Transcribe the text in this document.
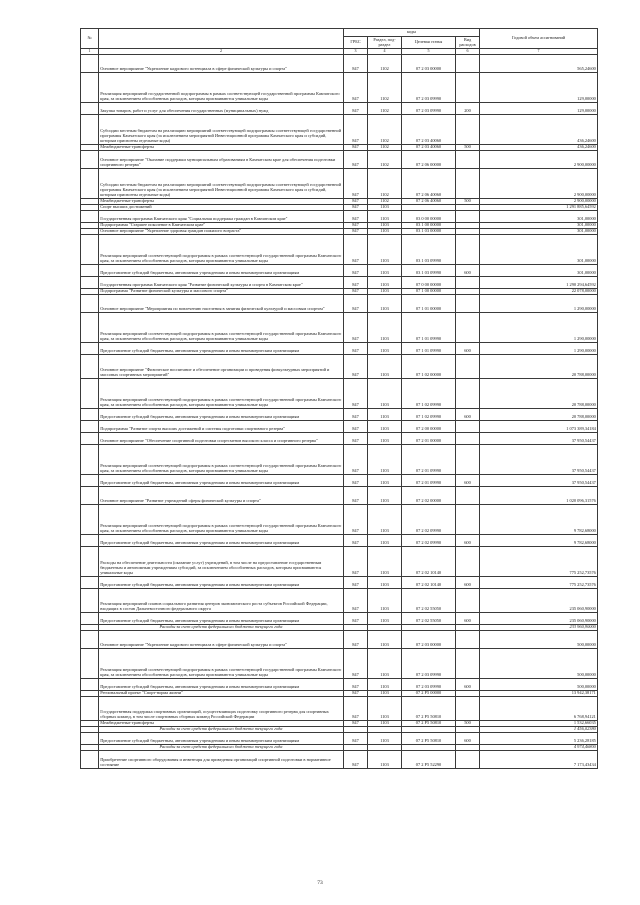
№		коды				Годовой объем ассигнований
		ГРБС	Раздел, под-раздел	Целевая статья	Вид расходов	
1	2	3	4	5	6	7
	Основное мероприятие "Укрепление кадрового потенциала в сфере физической культуры и спорта"	847	1102	07 2 03 00000		565,24600
	Реализация мероприятий государственной подпрограммы в рамках соответствующей государственной программы Камчатского края, за исключением обособленных расходов, которым присваиваются уникальные коды	847	1102	07 2 03 09990		129,00000
	Закупка товаров, работ и услуг для обеспечения государственных (муниципальных) нужд	847	1102	07 2 03 09990	200	129,00000
	Субсидии местным бюджетам на реализацию мероприятий соответствующей подпрограммы соответствующей государственной программы Камчатского края (за исключением мероприятий Инвестиционной программы Камчатского края и субсидий, которым присвоены отдельные коды)	847	1102	07 2 03 40060		436,24600
	Межбюджетные трансферты	847	1102	07 2 03 40060	500	436,24600
	Основное мероприятие "Оказание поддержки муниципальным образованиям в Камчатском крае для обеспечения подготовки спортивного резерва"	847	1102	07 2 06 00000		2 900,00000
	Субсидии местным бюджетам на реализацию мероприятий соответствующей подпрограммы соответствующей государственной программы Камчатского края (за исключением мероприятий Инвестиционной программы Камчатского края и субсидий, которым присвоены отдельные коды)	847	1102	07 2 06 40060		2 900,00000
	Межбюджетные трансферты	847	1102	07 2 06 40060	500	2 900,00000
	Спорт высших достижений	847	1103			1 291 885,64592
	Государственная программа Камчатского края "Социальная поддержка граждан в Камчатском крае"	847	1103	03 0 00 00000		301,00000
	Подпрограмма "Старшее поколение в Камчатском крае"	847	1103	03 1 00 00000		301,00000
	Основное мероприятие "Укрепление здоровья граждан пожилого возраста"	847	1103	03 1 03 00000		301,00000
	Реализация мероприятий соответствующей подпрограммы в рамках соответствующей государственной программы Камчатского края, за исключением обособленных расходов, которым присваиваются уникальные коды	847	1103	03 1 03 09990		301,00000
	Предоставление субсидий бюджетным, автономным учреждениям и иным некоммерческим организациям	847	1103	03 1 03 09990	600	301,00000
	Государственная программа Камчатского края "Развитие физической культуры и спорта в Камчатском крае"	847	1103	07 0 00 00000		1 290 294,64592
	Подпрограмма "Развитие физической культуры и массового спорта"	847	1103	07 1 00 00000		22 078,00000
	Основное мероприятие "Мероприятия по вовлечению населения в занятия физической культурой и массовым спортом"	847	1103	07 1 01 00000		1 290,00000
	Реализация мероприятий соответствующей подпрограммы в рамках соответствующей государственной программы Камчатского края, за исключением обособленных расходов, которым присваиваются уникальные коды	847	1103	07 1 01 09990		1 290,00000
	Предоставление субсидий бюджетным, автономным учреждениям и иным некоммерческим организациям	847	1103	07 1 01 09990	600	1 290,00000
	Основное мероприятие "Физическое воспитание и обеспечение организации и проведения физкультурных мероприятий и массовых спортивных мероприятий"	847	1103	07 1 02 00000		20 788,00000
	Реализация мероприятий соответствующей подпрограммы в рамках соответствующей государственной программы Камчатского края, за исключением обособленных расходов, которым присваиваются уникальные коды	847	1103	07 1 02 09990		20 788,00000
	Предоставление субсидий бюджетным, автономным учреждениям и иным некоммерческим организациям	847	1103	07 1 02 09990	600	20 788,00000
	Подпрограмма "Развитие спорта высших достижений и системы подготовки спортивного резерва"	847	1103	07 2 00 00000		1 073 389,34184
	Основное мероприятие "Обеспечение спортивной подготовки спортсменов высокого класса и спортивного резерва"	847	1103	07 2 01 00000		37 950,54437
	Реализация мероприятий соответствующей подпрограммы в рамках соответствующей государственной программы Камчатского края, за исключением обособленных расходов, которым присваиваются уникальные коды	847	1103	07 2 01 09990		37 950,54437
	Предоставление субсидий бюджетным, автономным учреждениям и иным некоммерческим организациям	847	1103	07 2 01 09990	600	37 950,54437
	Основное мероприятие "Развитие учреждений сферы физической культуры и спорта"	847	1103	07 2 02 00000		1 020 096,31576
	Реализация мероприятий соответствующей подпрограммы в рамках соответствующей государственной программы Камчатского края, за исключением обособленных расходов, которым присваиваются уникальные коды	847	1103	07 2 02 09990		9 782,68000
	Предоставление субсидий бюджетным, автономным учреждениям и иным некоммерческим организациям	847	1103	07 2 02 09990	600	9 782,68000
	Расходы на обеспечение деятельности (оказание услуг) учреждений, в том числе на предоставление государственным бюджетным и автономным учреждениям субсидий, за исключением обособленных расходов, которым присваиваются уникальные коды	847	1103	07 2 02 10140		775 252,73576
	Предоставление субсидий бюджетным, автономным учреждениям и иным некоммерческим организациям	847	1103	07 2 02 10140	600	775 252,73576
	Реализация мероприятий планов социального развития центров экономического роста субъектов Российской Федерации, входящих в состав Дальневосточного федерального округа	847	1103	07 2 02 55050		235 060,90000
	Предоставление субсидий бюджетным, автономным учреждениям и иным некоммерческим организациям	847	1103	07 2 02 55050	600	235 060,90000
	Расходы за счет средств федерального бюджета текущего года					233 960,90000
	Основное мероприятие "Укрепление кадрового потенциала в сфере физической культуры и спорта"	847	1103	07 2 03 00000		500,00000
	Реализация мероприятий соответствующей подпрограммы в рамках соответствующей государственной программы Камчатского края, за исключением обособленных расходов, которым присваиваются уникальные коды	847	1103	07 2 03 09990		500,00000
	Предоставление субсидий бюджетным, автономным учреждениям и иным некоммерческим организациям	847	1103	07 2 03 09990	600	500,00000
	Региональный проект "Спорт-норма жизни"	847	1103	07 2 P5 00000		13 942,38171
	Государственная поддержка спортивных организаций, осуществляющих подготовку спортивного резерва для спортивных сборных команд, в том числе спортивных сборных команд Российской Федерации	847	1103	07 2 P5 50810		6 768,94121
	Межбюджетные трансферты	847	1103	07 2 P5 50810	500	1 532,66035
	Расходы за счет средств федерального бюджета текущего года					1 456,02380
	Предоставление субсидий бюджетным, автономным учреждениям и иным некоммерческим организациям	847	1103	07 2 P5 50810	600	5 236,28185
	Расходы за счет средств федерального бюджета текущего года					4 974,46800
	Приобретение спортивного оборудования и инвентаря для приведения организаций спортивной подготовки в нормативное состояние	847	1103	07 2 P5 52290		7 173,43434
73
